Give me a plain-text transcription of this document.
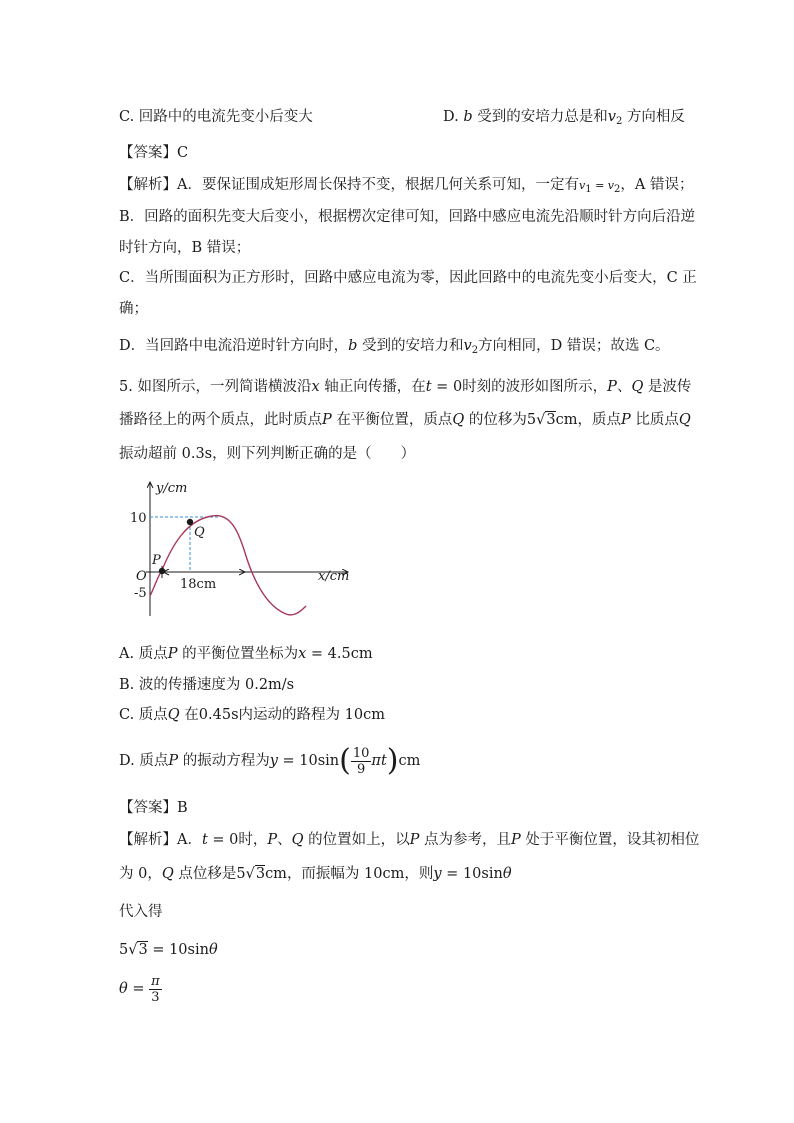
C. 回路中的电流先变小后变大	D. b 受到的安培力总是和$v_2$ 方向相反
【答案】C
【解析】A．要保证围成矩形周长保持不变，根据几何关系可知，一定有$v_1 = v_2$，A 错误；
B．回路的面积先变大后变小，根据楞次定律可知，回路中感应电流先沿顺时针方向后沿逆
时针方向，B 错误；
C．当所围面积为正方形时，回路中感应电流为零，因此回路中的电流先变小后变大，C 正
确；
D．当回路中电流沿逆时针方向时，b 受到的安培力和$v_2$方向相同，D 错误；故选 C。
5. 如图所示，一列简谐横波沿x 轴正向传播，在t = 0时刻的波形如图所示，P、Q 是波传
播路径上的两个质点，此时质点P 在平衡位置，质点Q 的位移为5√3cm，质点P 比质点Q
振动超前 0.3s，则下列判断正确的是（　　）
y/cm
x/cm
O
10
-5
P
Q
18cm
A. 质点P 的平衡位置坐标为x = 4.5cm
B. 波的传播速度为 0.2m/s
C. 质点Q 在0.45s内运动的路程为 10cm
D. 质点P 的振动方程为$y = 10\sin( \frac{10}{9} \pi t)cm$
【答案】B
【解析】A．t = 0时，P、Q 的位置如上，以P 点为参考，且P 处于平衡位置，设其初相位
为 0，Q 点位移是5√3cm，而振幅为 10cm，则y = 10sinθ
代入得
5√3 = 10sinθ
$\theta = \frac{\pi}{3}$
